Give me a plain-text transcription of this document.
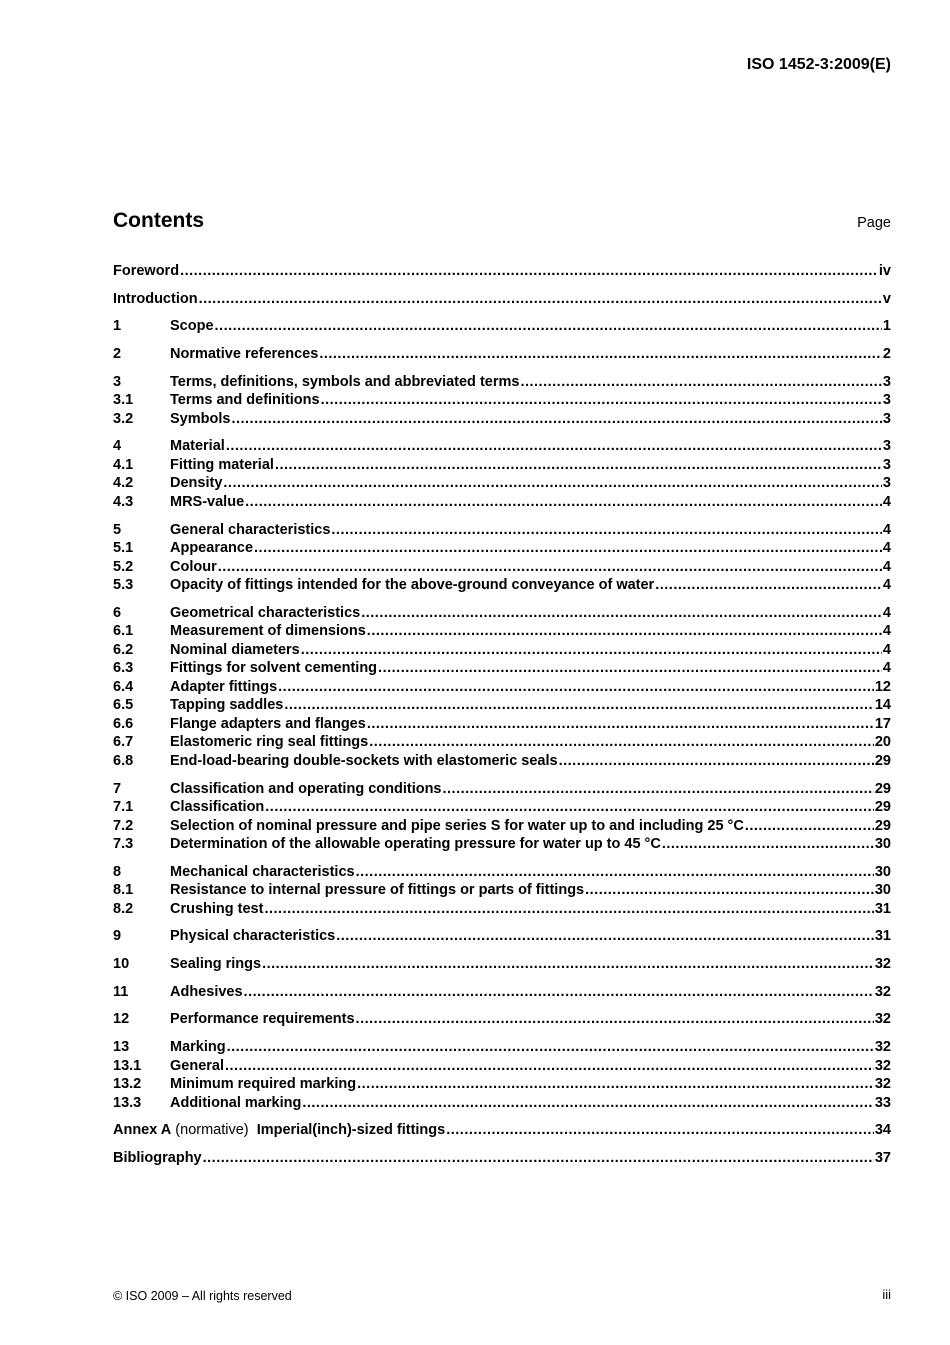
ISO 1452-3:2009(E)
Contents	Page
Foreword .....	iv
Introduction .....	v
1	Scope .....	1
2	Normative references .....	2
3	Terms, definitions, symbols and abbreviated terms .....	3
3.1	Terms and definitions .....	3
3.2	Symbols .....	3
4	Material .....	3
4.1	Fitting material .....	3
4.2	Density .....	3
4.3	MRS-value .....	4
5	General characteristics .....	4
5.1	Appearance .....	4
5.2	Colour .....	4
5.3	Opacity of fittings intended for the above-ground conveyance of water .....	4
6	Geometrical characteristics .....	4
6.1	Measurement of dimensions .....	4
6.2	Nominal diameters .....	4
6.3	Fittings for solvent cementing .....	4
6.4	Adapter fittings .....	12
6.5	Tapping saddles .....	14
6.6	Flange adapters and flanges .....	17
6.7	Elastomeric ring seal fittings .....	20
6.8	End-load-bearing double-sockets with elastomeric seals .....	29
7	Classification and operating conditions .....	29
7.1	Classification .....	29
7.2	Selection of nominal pressure and pipe series S for water up to and including 25 °C .....	29
7.3	Determination of the allowable operating pressure for water up to 45 °C .....	30
8	Mechanical characteristics .....	30
8.1	Resistance to internal pressure of fittings or parts of fittings .....	30
8.2	Crushing test .....	31
9	Physical characteristics .....	31
10	Sealing rings .....	32
11	Adhesives .....	32
12	Performance requirements .....	32
13	Marking .....	32
13.1	General .....	32
13.2	Minimum required marking .....	32
13.3	Additional marking .....	33
Annex A (normative)  Imperial(inch)-sized fittings .....	34
Bibliography .....	37
© ISO 2009 – All rights reserved	iii
